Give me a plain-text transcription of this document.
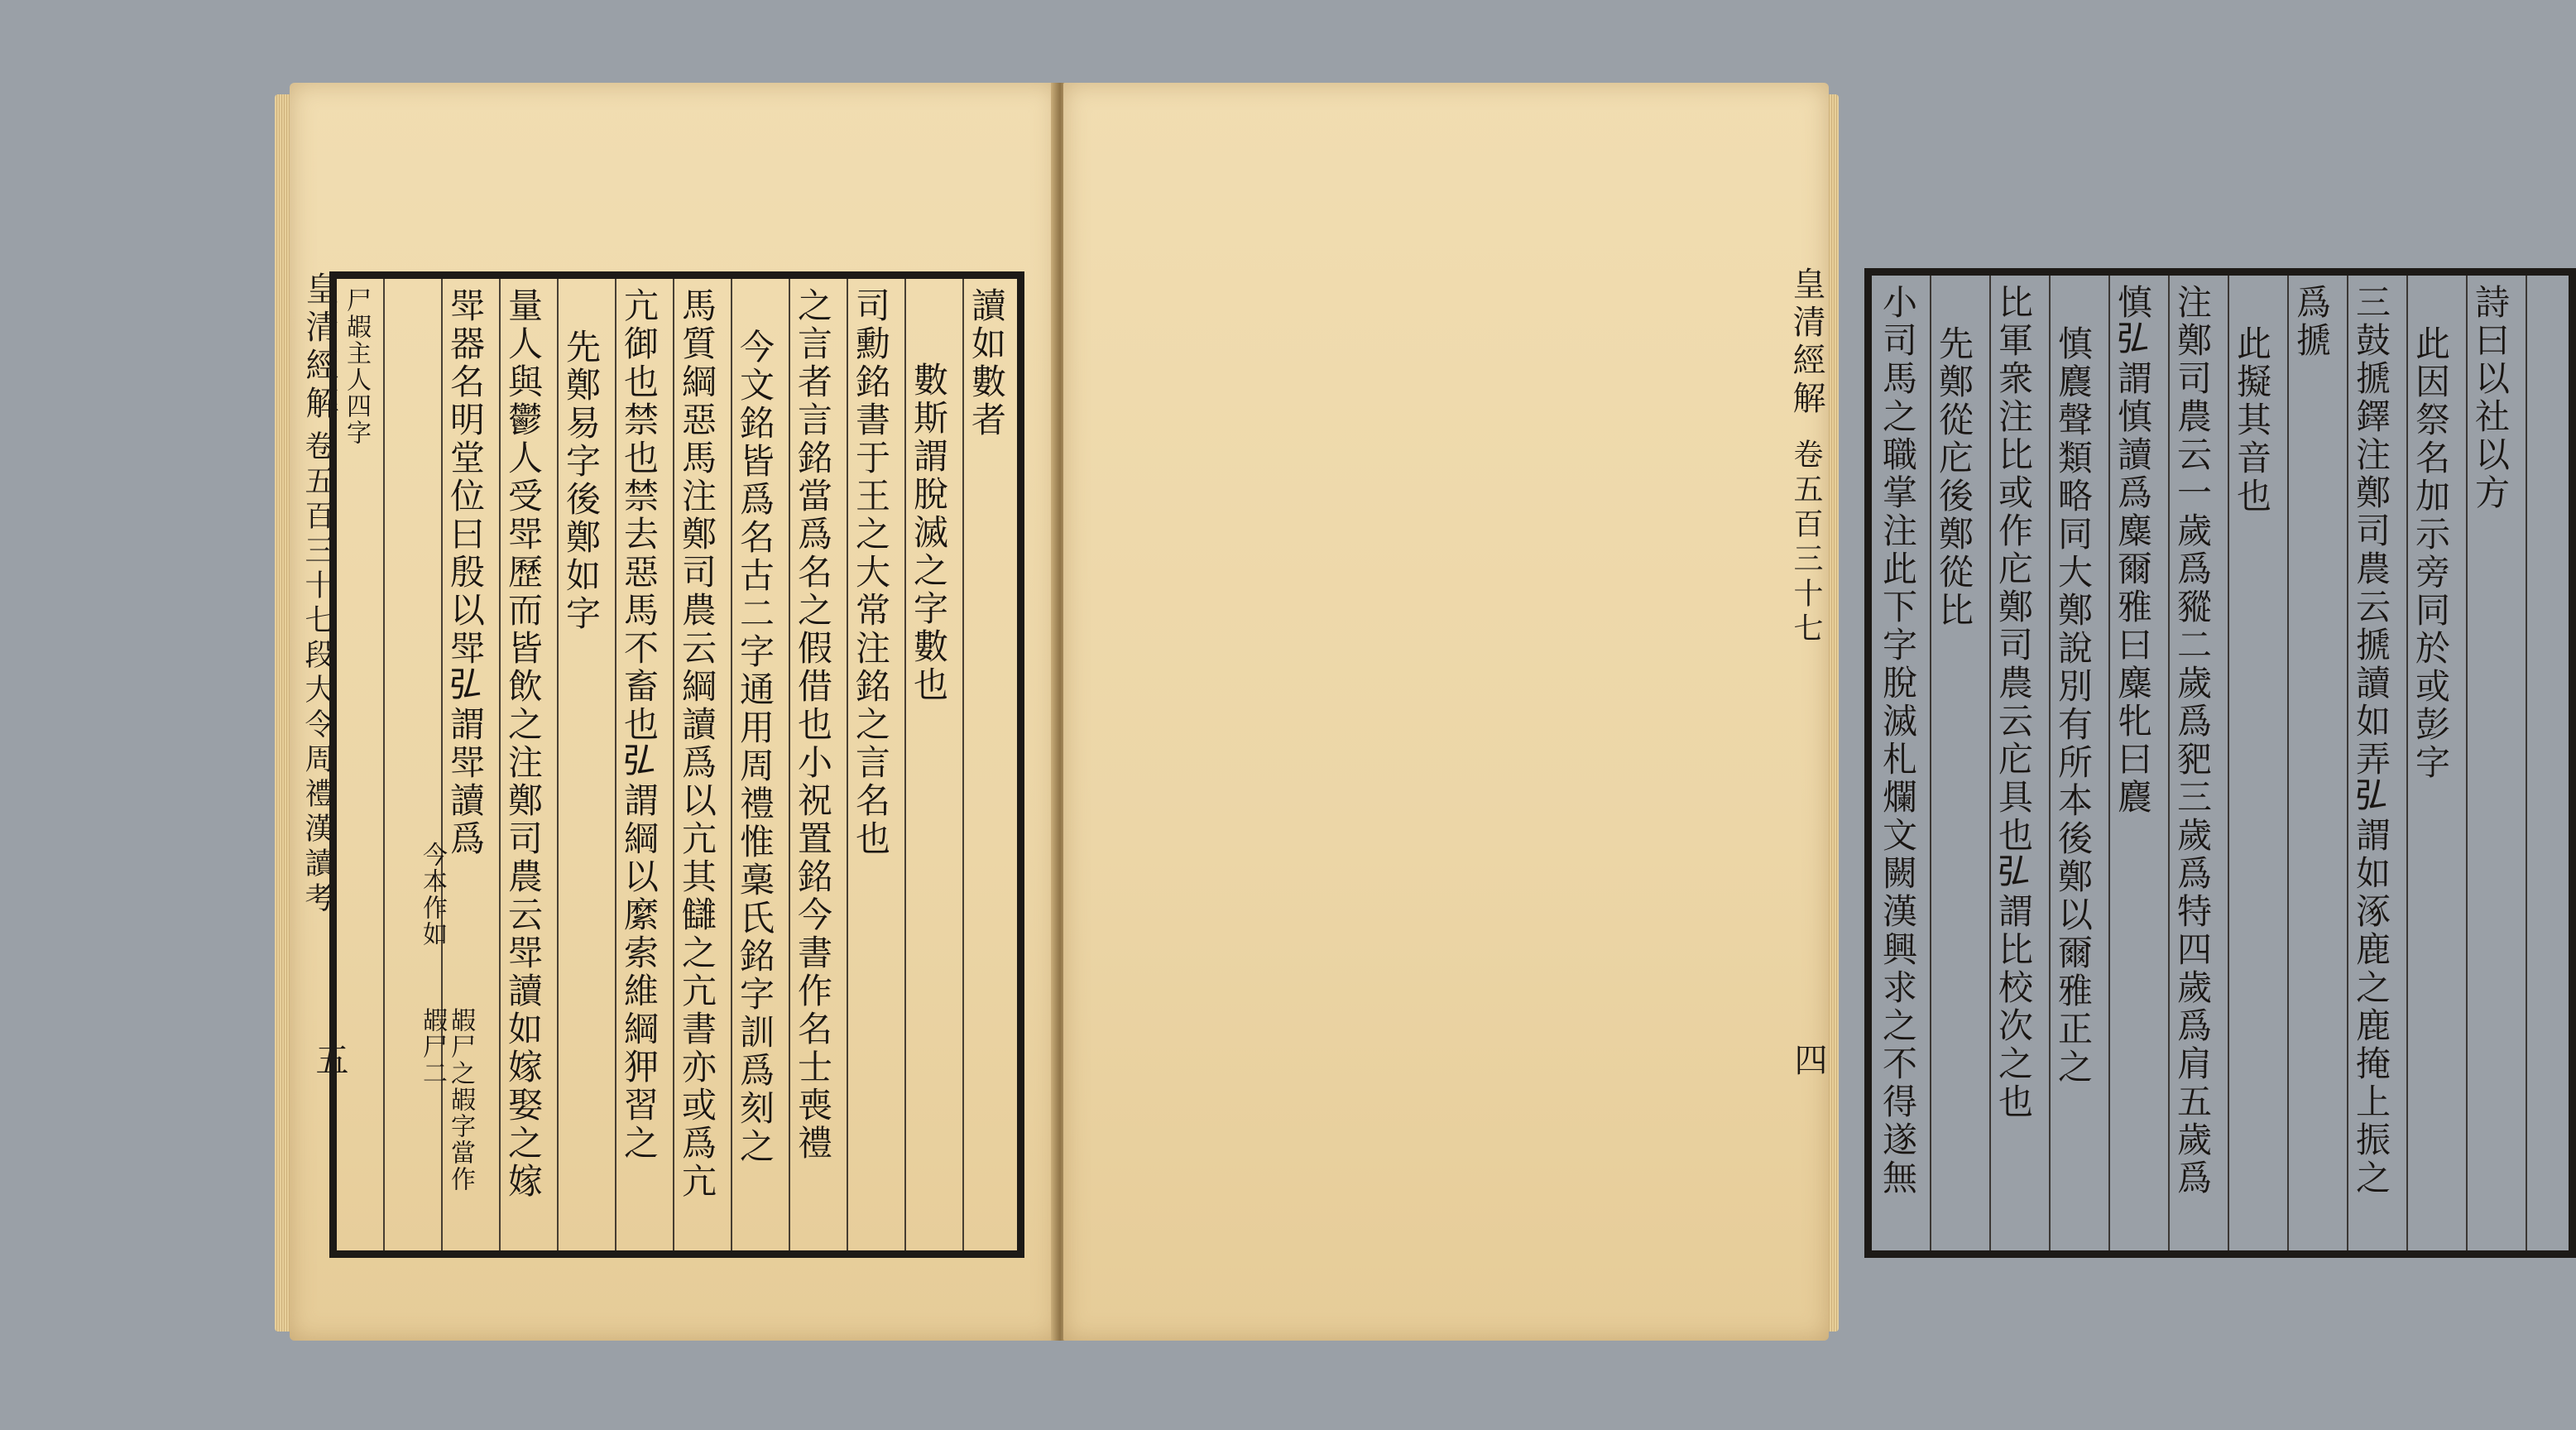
皇清經解
卷五百三十七段大令周禮漢讀考
五
讀如數者
數斯謂脫滅之字數也
司勳銘書于王之大常注銘之言名也
之言者言銘當爲名之假借也小祝置銘今書作名士喪禮
今文銘皆爲名古二字通用周禮惟稾氏銘字訓爲刻之
馬質綱惡馬注鄭司農云綱讀爲以亢其讎之亢書亦或爲亢
亢御也禁也禁去惡馬不畜也𢎞謂綱以縻索維綱狎習之
先鄭易字後鄭如字
量人與鬱人受斝歷而皆飲之注鄭司農云斝讀如嫁娶之嫁
斝器名明堂位曰殷以斝𢎞謂斝讀爲
尸嘏主人四字
今本作如
嘏尸之嘏字當作
嘏尸二
詩曰以社以方
此因祭名加示旁同於或彭字
三鼓搋鐸注鄭司農云搋讀如弄𢎞謂如涿鹿之鹿掩上振之
爲搋
此擬其音也
注鄭司農云一歲爲豵二歲爲豝三歲爲特四歲爲肩五歲爲
慎𢎞謂慎讀爲麋爾雅曰麋牝曰麎
慎麎聲類略同大鄭說別有所本後鄭以爾雅正之
比軍衆注比或作庀鄭司農云庀具也𢎞謂比校次之也
先鄭從庀後鄭從比
小司馬之職掌注此下字脫滅札爛文闕漢興求之不得遂無
皇清經解
卷五百三十七
四
